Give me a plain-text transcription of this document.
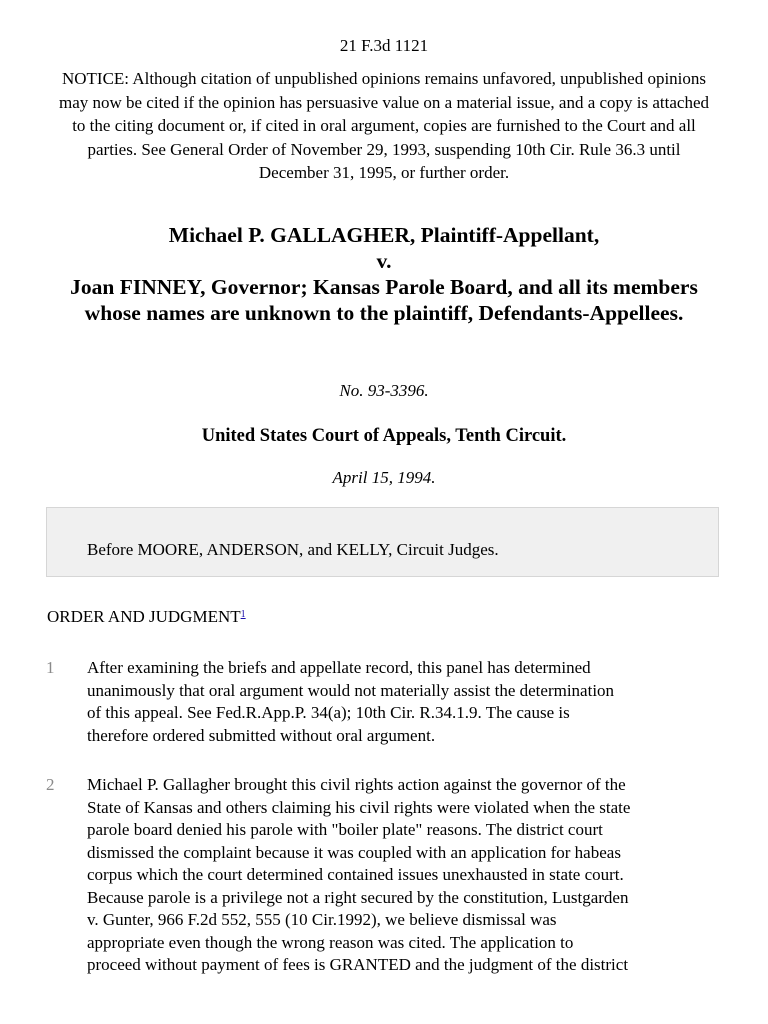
21 F.3d 1121
NOTICE: Although citation of unpublished opinions remains unfavored, unpublished opinions may now be cited if the opinion has persuasive value on a material issue, and a copy is attached to the citing document or, if cited in oral argument, copies are furnished to the Court and all parties. See General Order of November 29, 1993, suspending 10th Cir. Rule 36.3 until December 31, 1995, or further order.
Michael P. GALLAGHER, Plaintiff-Appellant,
v.
Joan FINNEY, Governor; Kansas Parole Board, and all its members whose names are unknown to the plaintiff, Defendants-Appellees.
No. 93-3396.
United States Court of Appeals, Tenth Circuit.
April 15, 1994.
Before MOORE, ANDERSON, and KELLY, Circuit Judges.
ORDER AND JUDGMENT$^1$
1 After examining the briefs and appellate record, this panel has determined
unanimously that oral argument would not materially assist the determination
of this appeal. See Fed.R.App.P. 34(a); 10th Cir. R.34.1.9. The cause is
therefore ordered submitted without oral argument.
2 Michael P. Gallagher brought this civil rights action against the governor of the
State of Kansas and others claiming his civil rights were violated when the state
parole board denied his parole with "boiler plate" reasons. The district court
dismissed the complaint because it was coupled with an application for habeas
corpus which the court determined contained issues unexhausted in state court.
Because parole is a privilege not a right secured by the constitution, Lustgarden
v. Gunter, 966 F.2d 552, 555 (10 Cir.1992), we believe dismissal was
appropriate even though the wrong reason was cited. The application to
proceed without payment of fees is GRANTED and the judgment of the district
